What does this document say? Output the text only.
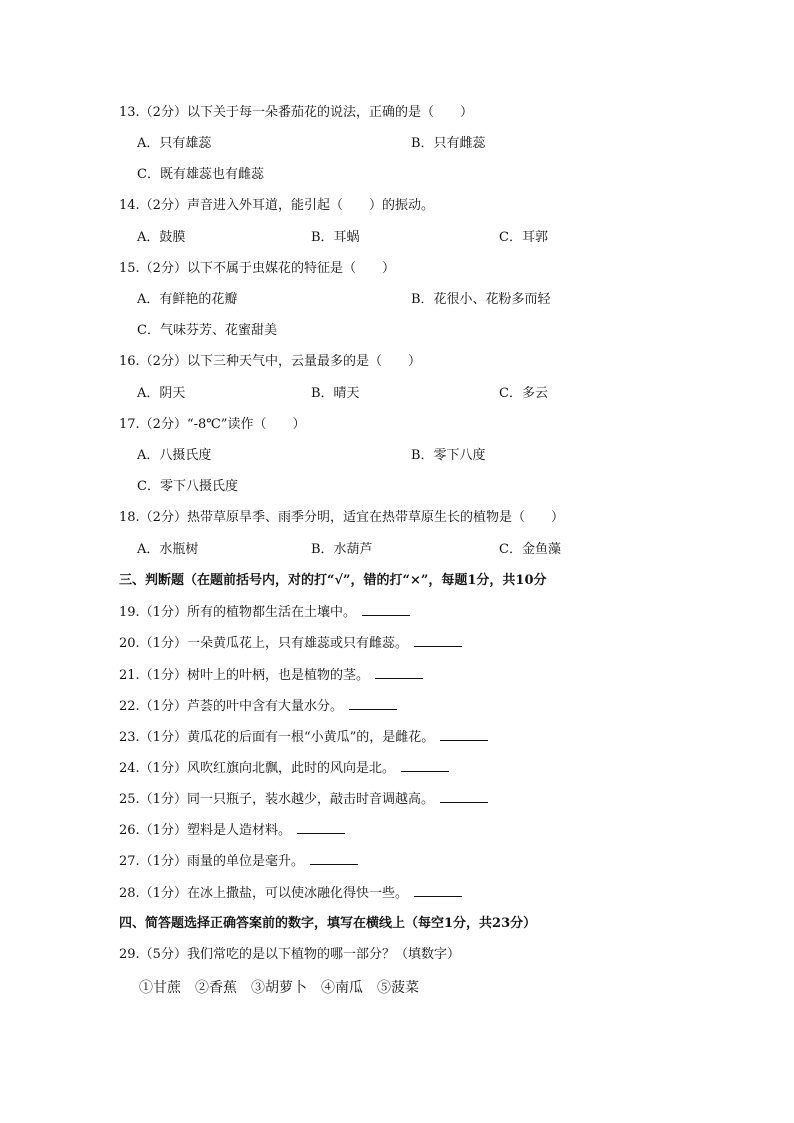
13.（2分）以下关于每一朵番茄花的说法，正确的是（　　）
A．只有雄蕊	B．只有雌蕊
C．既有雄蕊也有雌蕊
14.（2分）声音进入外耳道，能引起（　　）的振动。
A．鼓膜	B．耳蜗	C．耳郭
15.（2分）以下不属于虫媒花的特征是（　　）
A．有鲜艳的花瓣	B．花很小、花粉多而轻
C．气味芬芳、花蜜甜美
16.（2分）以下三种天气中，云量最多的是（　　）
A．阴天	B．晴天	C．多云
17.（2分）“-8℃”读作（　　）
A．八摄氏度	B．零下八度
C．零下八摄氏度
18.（2分）热带草原旱季、雨季分明，适宜在热带草原生长的植物是（　　）
A．水瓶树	B．水葫芦	C．金鱼藻
三、判断题（在题前括号内，对的打“√”，错的打“×”，每题1分，共10分
19.（1分）所有的植物都生活在土壤中。
20.（1分）一朵黄瓜花上，只有雄蕊或只有雌蕊。
21.（1分）树叶上的叶柄，也是植物的茎。
22.（1分）芦荟的叶中含有大量水分。
23.（1分）黄瓜花的后面有一根“小黄瓜”的，是雌花。
24.（1分）风吹红旗向北飘，此时的风向是北。
25.（1分）同一只瓶子，装水越少，敲击时音调越高。
26.（1分）塑料是人造材料。
27.（1分）雨量的单位是毫升。
28.（1分）在冰上撒盐，可以使冰融化得快一些。
四、简答题选择正确答案前的数字，填写在横线上（每空1分，共23分）
29.（5分）我们常吃的是以下植物的哪一部分？（填数字）
①甘蔗　②香蕉　③胡萝卜　④南瓜　⑤菠菜
